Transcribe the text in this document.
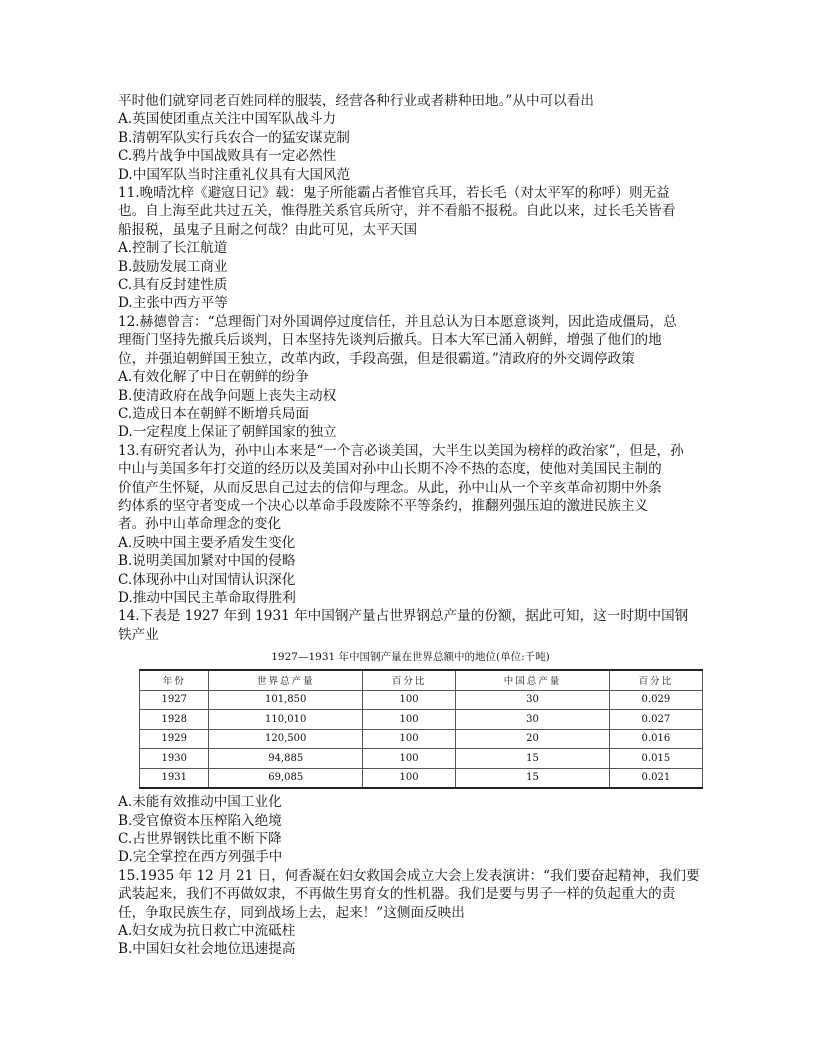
平时他们就穿同老百姓同样的服装，经营各种行业或者耕种田地。”从中可以看出

A.英国使团重点关注中国军队战斗力

B.清朝军队实行兵农合一的猛安谋克制

C.鸦片战争中国战败具有一定必然性

D.中国军队当时注重礼仪具有大国风范

11.晚晴沈梓《避寇日记》载：鬼子所能霸占者惟官兵耳，若长毛（对太平军的称呼）则无益

也。自上海至此共过五关，惟得胜关系官兵所守，并不看船不报税。自此以来，过长毛关皆看

船报税，虽鬼子且耐之何哉？由此可见，太平天国

A.控制了长江航道

B.鼓励发展工商业

C.具有反封建性质

D.主张中西方平等

12.赫德曾言：“总理衙门对外国调停过度信任，并且总认为日本愿意谈判，因此造成僵局，总

理衙门坚持先撤兵后谈判，日本坚持先谈判后撤兵。日本大军已涌入朝鲜，增强了他们的地

位，并强迫朝鲜国王独立，改革内政，手段高强，但是很霸道。”清政府的外交调停政策

A.有效化解了中日在朝鲜的纷争

B.使清政府在战争问题上丧失主动权

C.造成日本在朝鲜不断增兵局面

D.一定程度上保证了朝鲜国家的独立

13.有研究者认为，孙中山本来是“一个言必谈美国，大半生以美国为榜样的政治家”，但是，孙

中山与美国多年打交道的经历以及美国对孙中山长期不冷不热的态度，使他对美国民主制的

价值产生怀疑，从而反思自己过去的信仰与理念。从此，孙中山从一个辛亥革命初期中外条

约体系的坚守者变成一个决心以革命手段废除不平等条约，推翻列强压迫的激进民族主义

者。孙中山革命理念的变化

A.反映中国主要矛盾发生变化

B.说明美国加紧对中国的侵略

C.体现孙中山对国情认识深化

D.推动中国民主革命取得胜利

14.下表是 1927 年到 1931 年中国钢产量占世界钢总产量的份额，据此可知，这一时期中国钢

铁产业

1927—1931 年中国钢产量在世界总额中的地位(单位:千吨)
年份	世界总产量	百分比	中国总产量	百分比
1927	101,850	100	30	0.029
1928	110,010	100	30	0.027
1929	120,500	100	20	0.016
1930	94,885	100	15	0.015
1931	69,085	100	15	0.021

A.未能有效推动中国工业化

B.受官僚资本压榨陷入绝境

C.占世界钢铁比重不断下降

D.完全掌控在西方列强手中

15.1935 年 12 月 21 日，何香凝在妇女救国会成立大会上发表演讲：“我们要奋起精神，我们要

武装起来，我们不再做奴隶，不再做生男育女的性机器。我们是要与男子一样的负起重大的责

任，争取民族生存，同到战场上去，起来！”这侧面反映出

A.妇女成为抗日救亡中流砥柱

B.中国妇女社会地位迅速提高
